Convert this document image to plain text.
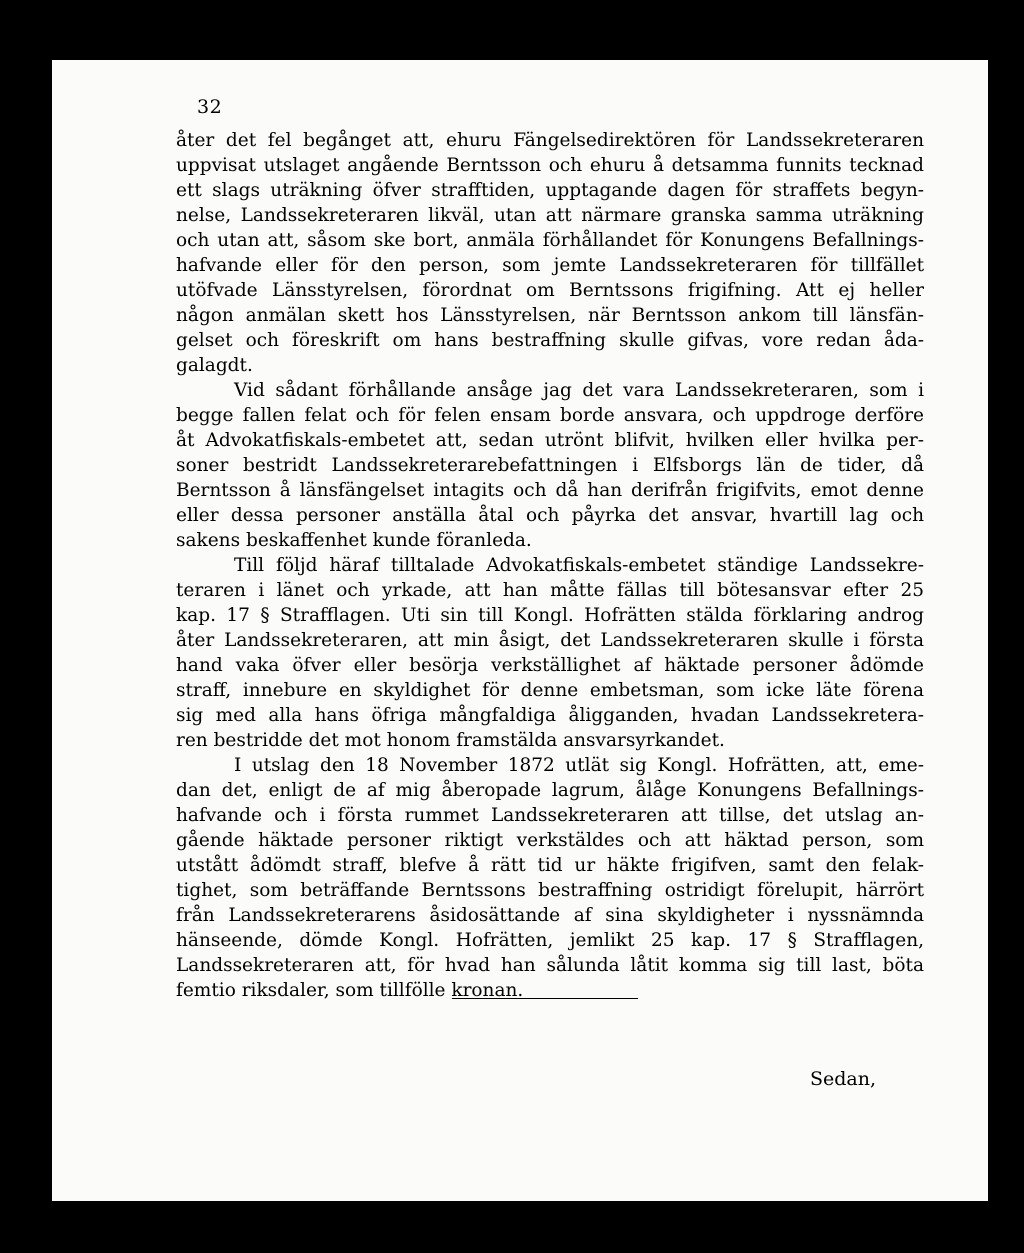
32
åter det fel begånget att, ehuru Fängelsedirektören för Landssekreteraren
uppvisat utslaget angående Berntsson och ehuru å detsamma funnits tecknad
ett slags uträkning öfver strafftiden, upptagande dagen för straffets begyn-
nelse, Landssekreteraren likväl, utan att närmare granska samma uträkning
och utan att, såsom ske bort, anmäla förhållandet för Konungens Befallnings-
hafvande eller för den person, som jemte Landssekreteraren för tillfället
utöfvade Länsstyrelsen, förordnat om Berntssons frigifning. Att ej heller
någon anmälan skett hos Länsstyrelsen, när Berntsson ankom till länsfän-
gelset och föreskrift om hans bestraffning skulle gifvas, vore redan åda-
galagdt.
Vid sådant förhållande ansåge jag det vara Landssekreteraren, som i
begge fallen felat och för felen ensam borde ansvara, och uppdroge derföre
åt Advokatfiskals-embetet att, sedan utrönt blifvit, hvilken eller hvilka per-
soner bestridt Landssekreterarebefattningen i Elfsborgs län de tider, då
Berntsson å länsfängelset intagits och då han derifrån frigifvits, emot denne
eller dessa personer anställa åtal och påyrka det ansvar, hvartill lag och
sakens beskaffenhet kunde föranleda.
Till följd häraf tilltalade Advokatfiskals-embetet ständige Landssekre-
teraren i länet och yrkade, att han måtte fällas till bötesansvar efter 25
kap. 17 § Strafflagen. Uti sin till Kongl. Hofrätten stälda förklaring androg
åter Landssekreteraren, att min åsigt, det Landssekreteraren skulle i första
hand vaka öfver eller besörja verkställighet af häktade personer ådömde
straff, innebure en skyldighet för denne embetsman, som icke läte förena
sig med alla hans öfriga mångfaldiga åligganden, hvadan Landssekretera-
ren bestridde det mot honom framstälda ansvarsyrkandet.
I utslag den 18 November 1872 utlät sig Kongl. Hofrätten, att, eme-
dan det, enligt de af mig åberopade lagrum, ålåge Konungens Befallnings-
hafvande och i första rummet Landssekreteraren att tillse, det utslag an-
gående häktade personer riktigt verkstäldes och att häktad person, som
utstått ådömdt straff, blefve å rätt tid ur häkte frigifven, samt den felak-
tighet, som beträffande Berntssons bestraffning ostridigt förelupit, härrört
från Landssekreterarens åsidosättande af sina skyldigheter i nyssnämnda
hänseende, dömde Kongl. Hofrätten, jemlikt 25 kap. 17 § Strafflagen,
Landssekreteraren att, för hvad han sålunda låtit komma sig till last, böta
femtio riksdaler, som tillfölle kronan.
Sedan,
